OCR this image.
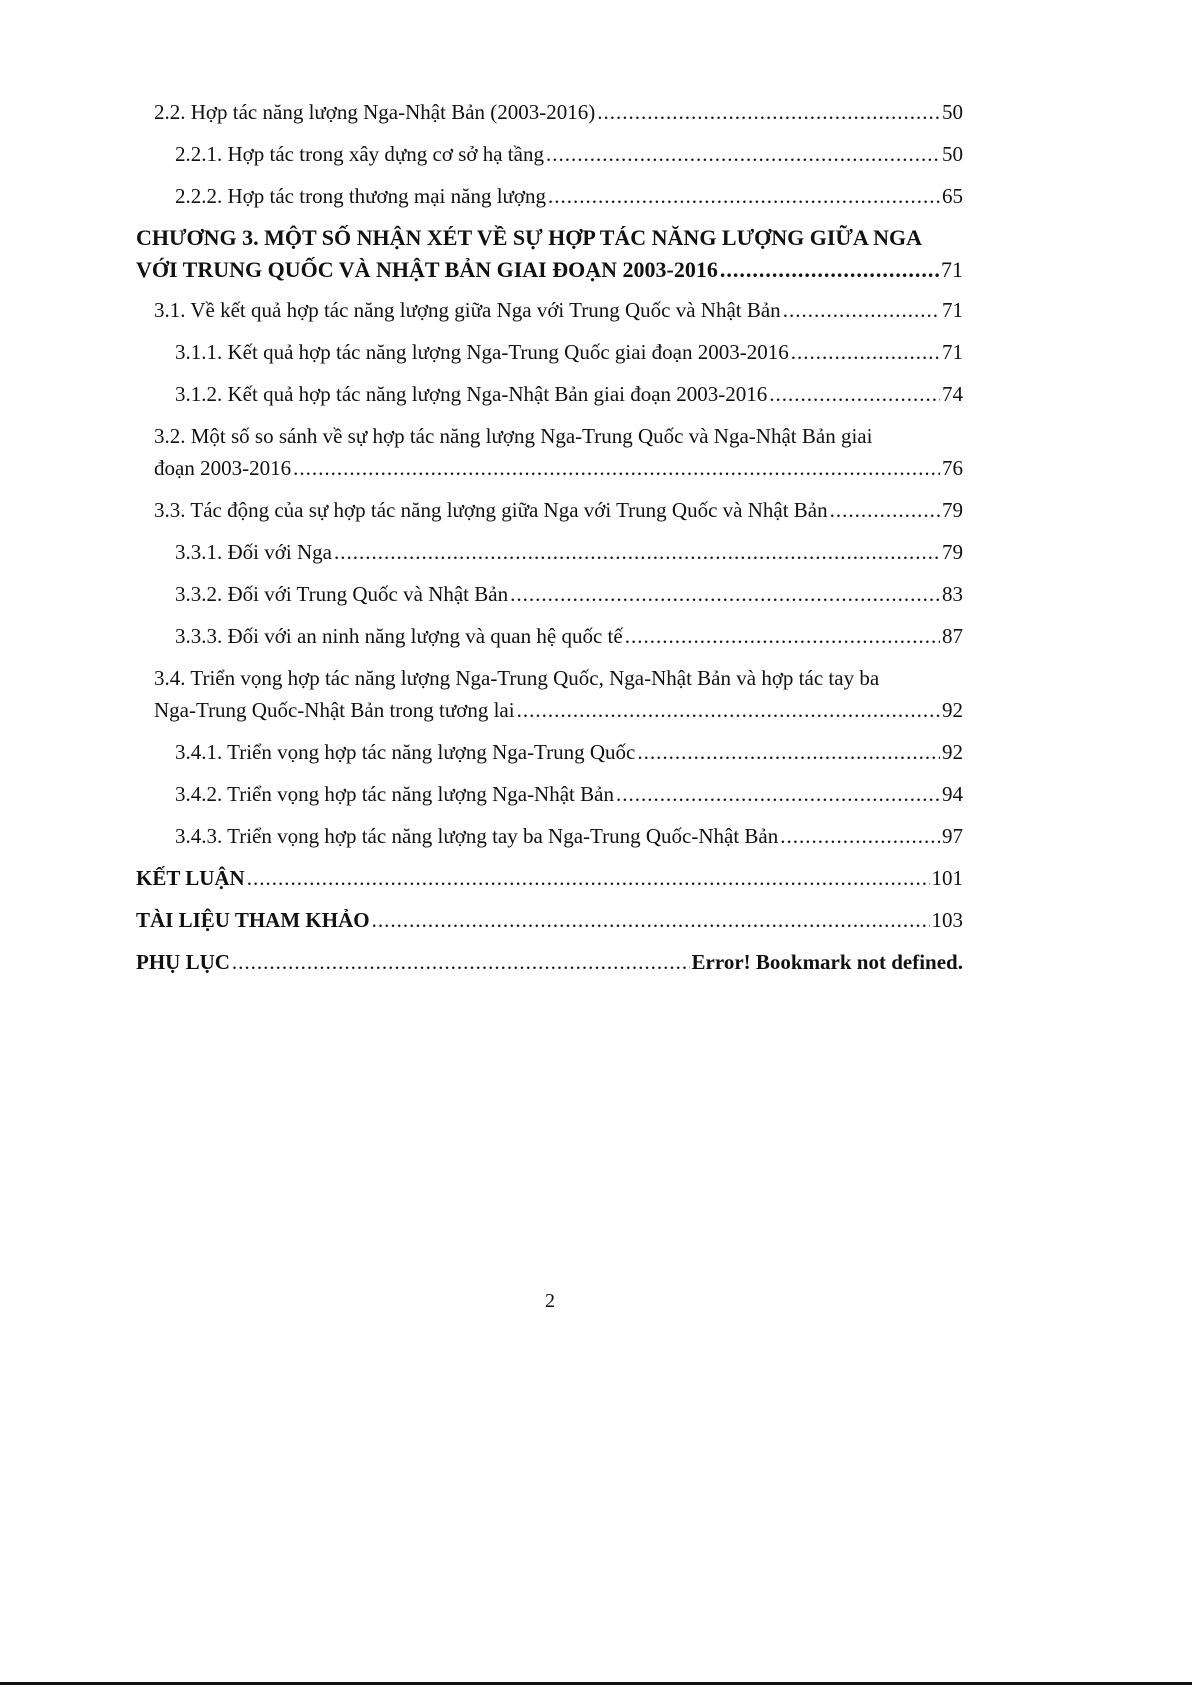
2.2. Hợp tác năng lượng Nga-Nhật Bản (2003-2016) .....	50
2.2.1. Hợp tác trong xây dựng cơ sở hạ tầng .....	50
2.2.2. Hợp tác trong thương mại năng lượng .....	65
CHƯƠNG 3. MỘT SỐ NHẬN XÉT VỀ SỰ HỢP TÁC NĂNG LƯỢNG GIỮA NGA
VỚI TRUNG QUỐC VÀ NHẬT BẢN GIAI ĐOẠN 2003-2016 .....	71
3.1. Về kết quả hợp tác năng lượng giữa Nga với Trung Quốc và Nhật Bản .....	71
3.1.1. Kết quả hợp tác năng lượng Nga-Trung Quốc giai đoạn 2003-2016 .....	71
3.1.2. Kết quả hợp tác năng lượng Nga-Nhật Bản giai đoạn 2003-2016 .....	74
3.2. Một số so sánh về sự hợp tác năng lượng Nga-Trung Quốc và Nga-Nhật Bản giai
đoạn 2003-2016 .....	76
3.3. Tác động của sự hợp tác năng lượng giữa Nga với Trung Quốc và Nhật Bản .....	79
3.3.1. Đối với Nga .....	79
3.3.2. Đối với Trung Quốc và Nhật Bản .....	83
3.3.3. Đối với an ninh năng lượng và quan hệ quốc tế .....	87
3.4. Triển vọng hợp tác năng lượng Nga-Trung Quốc, Nga-Nhật Bản và hợp tác tay ba
Nga-Trung Quốc-Nhật Bản trong tương lai .....	92
3.4.1. Triển vọng hợp tác năng lượng Nga-Trung Quốc .....	92
3.4.2. Triển vọng hợp tác năng lượng Nga-Nhật Bản .....	94
3.4.3. Triển vọng hợp tác năng lượng tay ba Nga-Trung Quốc-Nhật Bản .....	97
KẾT LUẬN .....	101
TÀI LIỆU THAM KHẢO .....	103
PHỤ LỤC .....	Error! Bookmark not defined.
2
